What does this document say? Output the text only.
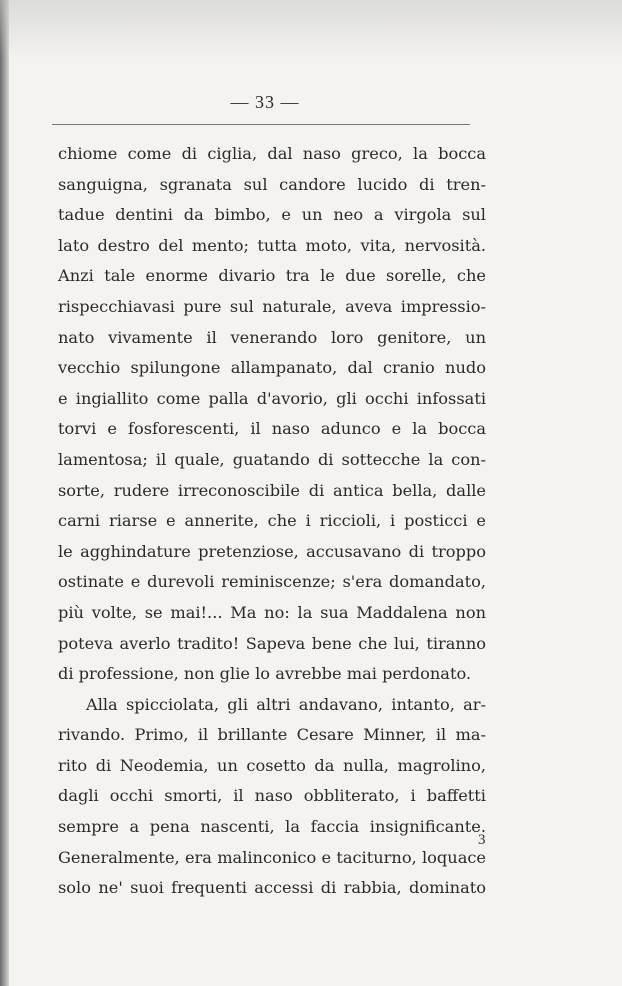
— 33 —
chiome come di ciglia, dal naso greco, la bocca
sanguigna, sgranata sul candore lucido di tren-
tadue dentini da bimbo, e un neo a virgola sul
lato destro del mento; tutta moto, vita, nervosità.
Anzi tale enorme divario tra le due sorelle, che
rispecchiavasi pure sul naturale, aveva impressio-
nato vivamente il venerando loro genitore, un
vecchio spilungone allampanato, dal cranio nudo
e ingiallito come palla d'avorio, gli occhi infossati
torvi e fosforescenti, il naso adunco e la bocca
lamentosa; il quale, guatando di sottecche la con-
sorte, rudere irreconoscibile di antica bella, dalle
carni riarse e annerite, che i riccioli, i posticci e
le agghindature pretenziose, accusavano di troppo
ostinate e durevoli reminiscenze; s'era domandato,
più volte, se mai!... Ma no: la sua Maddalena non
poteva averlo tradito! Sapeva bene che lui, tiranno
di professione, non glie lo avrebbe mai perdonato.
Alla spicciolata, gli altri andavano, intanto, ar-
rivando. Primo, il brillante Cesare Minner, il ma-
rito di Neodemia, un cosetto da nulla, magrolino,
dagli occhi smorti, il naso obbliterato, i baffetti
sempre a pena nascenti, la faccia insignificante.
Generalmente, era malinconico e taciturno, loquace
solo ne' suoi frequenti accessi di rabbia, dominato
3
